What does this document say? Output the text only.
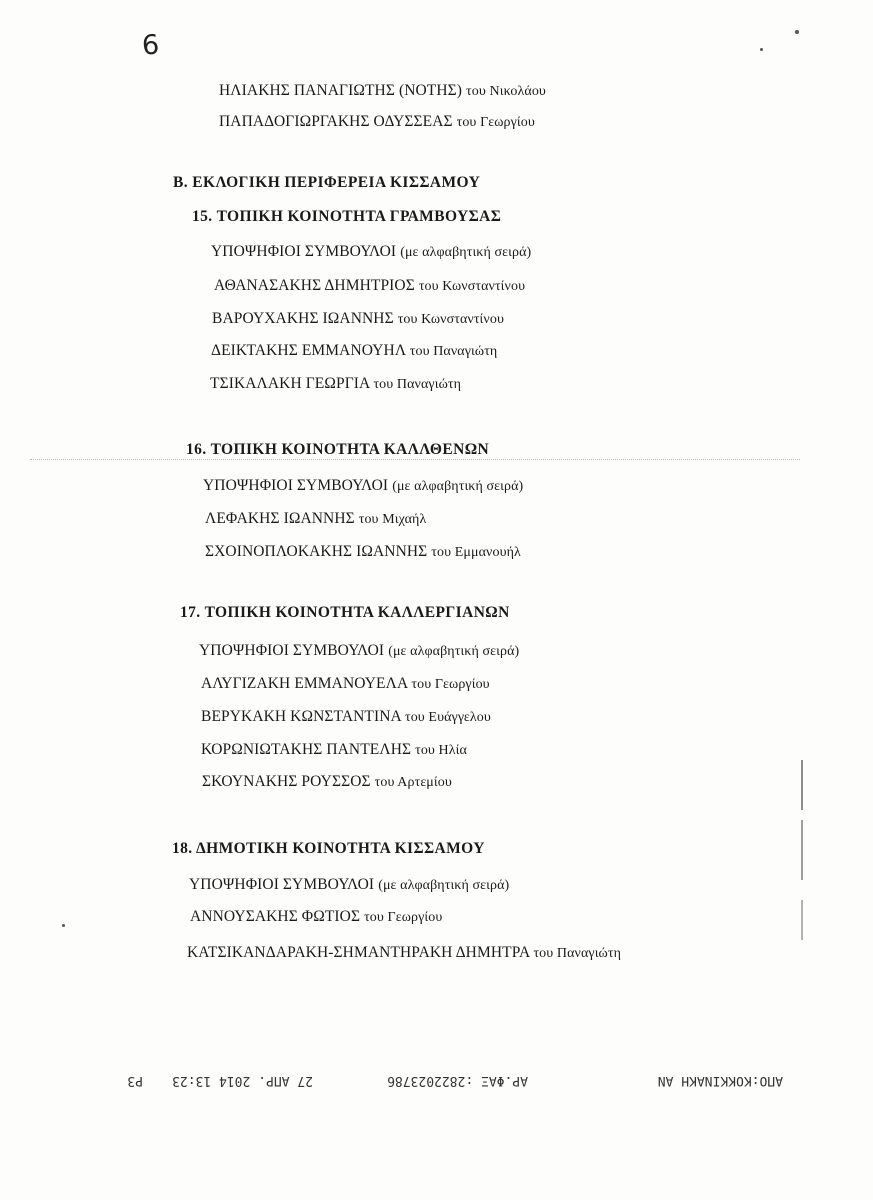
6
ΗΛΙΑΚΗΣ ΠΑΝΑΓΙΩΤΗΣ (ΝΟΤΗΣ) του Νικολάου
ΠΑΠΑΔΟΓΙΩΡΓΑΚΗΣ ΟΔΥΣΣΕΑΣ του Γεωργίου
Β. ΕΚΛΟΓΙΚΗ ΠΕΡΙΦΕΡΕΙΑ ΚΙΣΣΑΜΟΥ
15. ΤΟΠΙΚΗ ΚΟΙΝΟΤΗΤΑ ΓΡΑΜΒΟΥΣΑΣ
ΥΠΟΨΗΦΙΟΙ ΣΥΜΒΟΥΛΟΙ (με αλφαβητική σειρά)
ΑΘΑΝΑΣΑΚΗΣ ΔΗΜΗΤΡΙΟΣ του Κωνσταντίνου
ΒΑΡΟΥΧΑΚΗΣ ΙΩΑΝΝΗΣ του Κωνσταντίνου
ΔΕΙΚΤΑΚΗΣ ΕΜΜΑΝΟΥΗΛ του Παναγιώτη
ΤΣΙΚΑΛΑΚΗ ΓΕΩΡΓΙΑ του Παναγιώτη
16. ΤΟΠΙΚΗ ΚΟΙΝΟΤΗΤΑ ΚΑΛΛΘΕΝΩΝ
ΥΠΟΨΗΦΙΟΙ ΣΥΜΒΟΥΛΟΙ (με αλφαβητική σειρά)
ΛΕΦΑΚΗΣ ΙΩΑΝΝΗΣ του Μιχαήλ
ΣΧΟΙΝΟΠΛΟΚΑΚΗΣ ΙΩΑΝΝΗΣ του Εμμανουήλ
17. ΤΟΠΙΚΗ ΚΟΙΝΟΤΗΤΑ ΚΑΛΛΕΡΓΙΑΝΩΝ
ΥΠΟΨΗΦΙΟΙ ΣΥΜΒΟΥΛΟΙ (με αλφαβητική σειρά)
ΑΛΥΓΙΖΑΚΗ ΕΜΜΑΝΟΥΕΛΑ του Γεωργίου
ΒΕΡΥΚΑΚΗ ΚΩΝΣΤΑΝΤΙΝΑ του Ευάγγελου
ΚΟΡΩΝΙΩΤΑΚΗΣ ΠΑΝΤΕΛΗΣ του Ηλία
ΣΚΟΥΝΑΚΗΣ ΡΟΥΣΣΟΣ του Αρτεμίου
18. ΔΗΜΟΤΙΚΗ ΚΟΙΝΟΤΗΤΑ ΚΙΣΣΑΜΟΥ
ΥΠΟΨΗΦΙΟΙ ΣΥΜΒΟΥΛΟΙ (με αλφαβητική σειρά)
ΑΝΝΟΥΣΑΚΗΣ ΦΩΤΙΟΣ του Γεωργίου
ΚΑΤΣΙΚΑΝΔΑΡΑΚΗ-ΣΗΜΑΝΤΗΡΑΚΗ ΔΗΜΗΤΡΑ του Παναγιώτη
ΑΠΟ:ΚΟΚΚΙΝΑΚΗ ΑΝ
ΑΡ.ΦΑΞ :2822023786
27 ΑΠΡ. 2014 13:23
Ρ3
